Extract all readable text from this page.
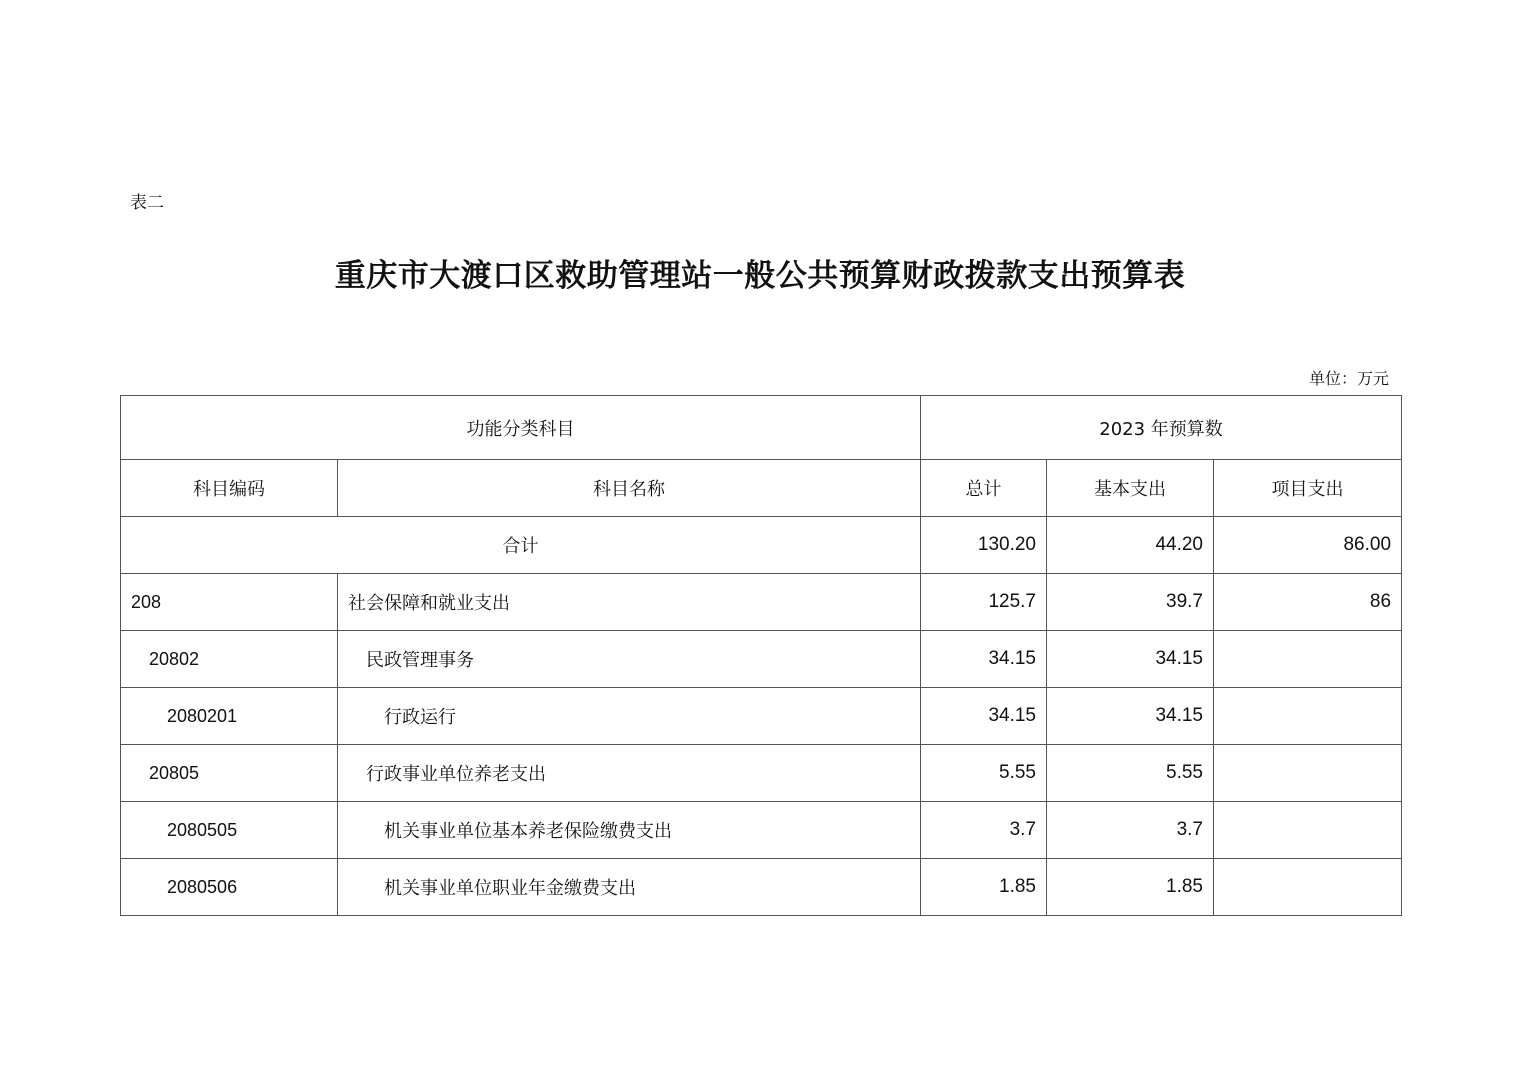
表二
重庆市大渡口区救助管理站一般公共预算财政拨款支出预算表
单位：万元
功能分类科目		2023 年预算数		
科目编码	科目名称	总计	基本支出	项目支出
合计		130.20	44.20	86.00
208	社会保障和就业支出	125.7	39.7	86
20802	民政管理事务	34.15	34.15	
2080201	行政运行	34.15	34.15	
20805	行政事业单位养老支出	5.55	5.55	
2080505	机关事业单位基本养老保险缴费支出	3.7	3.7	
2080506	机关事业单位职业年金缴费支出	1.85	1.85	
